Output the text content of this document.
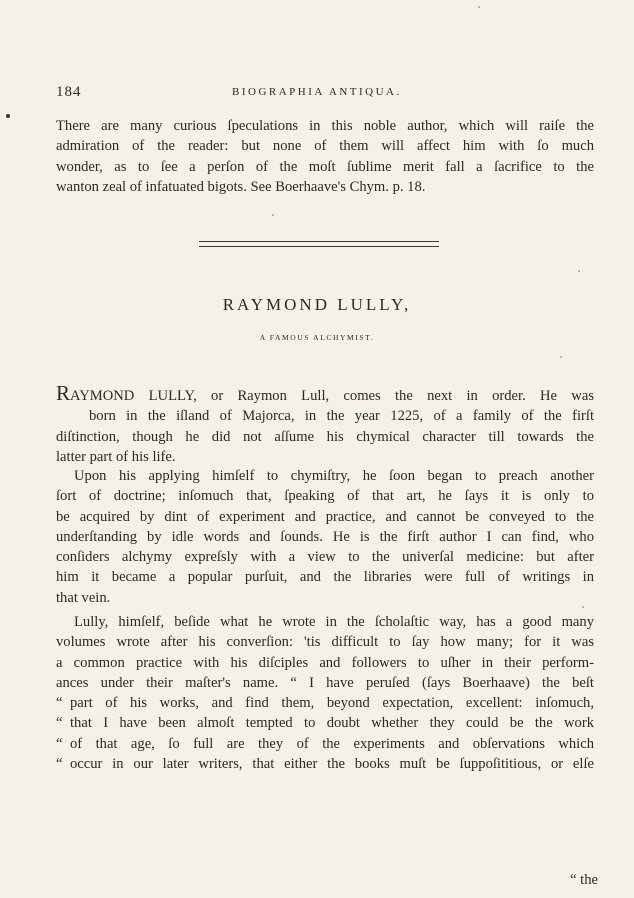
184	BIOGRAPHIA ANTIQUA.

There are many curious ſpeculations in this noble author, which will raiſe the
admiration of the reader: but none of them will affect him with ſo much
wonder, as to ſee a perſon of the moſt ſublime merit fall a ſacrifice to the
wanton zeal of infatuated bigots. See Boerhaave's Chym. p. 18.

RAYMOND LULLY,
A FAMOUS ALCHYMIST.

RAYMOND LULLY, or Raymon Lull, comes the next in order. He was
born in the iſland of Majorca, in the year 1225, of a family of the firſt
diſtinction, though he did not aſſume his chymical character till towards the
latter part of his life.

Upon his applying himſelf to chymiſtry, he ſoon began to preach another
ſort of doctrine; inſomuch that, ſpeaking of that art, he ſays it is only to
be acquired by dint of experiment and practice, and cannot be conveyed to the
underſtanding by idle words and ſounds. He is the firſt author I can find, who
conſiders alchymy expreſsly with a view to the univerſal medicine: but after
him it became a popular purſuit, and the libraries were full of writings in
that vein.

Lully, himſelf, beſide what he wrote in the ſcholaſtic way, has a good many
volumes wrote after his converſion: 'tis difficult to ſay how many; for it was
a common practice with his diſciples and followers to uſher in their perform-
ances under their maſter's name. “ I have peruſed (ſays Boerhaave) the beſt
“ part of his works, and find them, beyond expectation, excellent: inſomuch,
“ that I have been almoſt tempted to doubt whether they could be the work
“ of that age, ſo full are they of the experiments and obſervations which
“ occur in our later writers, that either the books muſt be ſuppoſititious, or elſe

“ the
